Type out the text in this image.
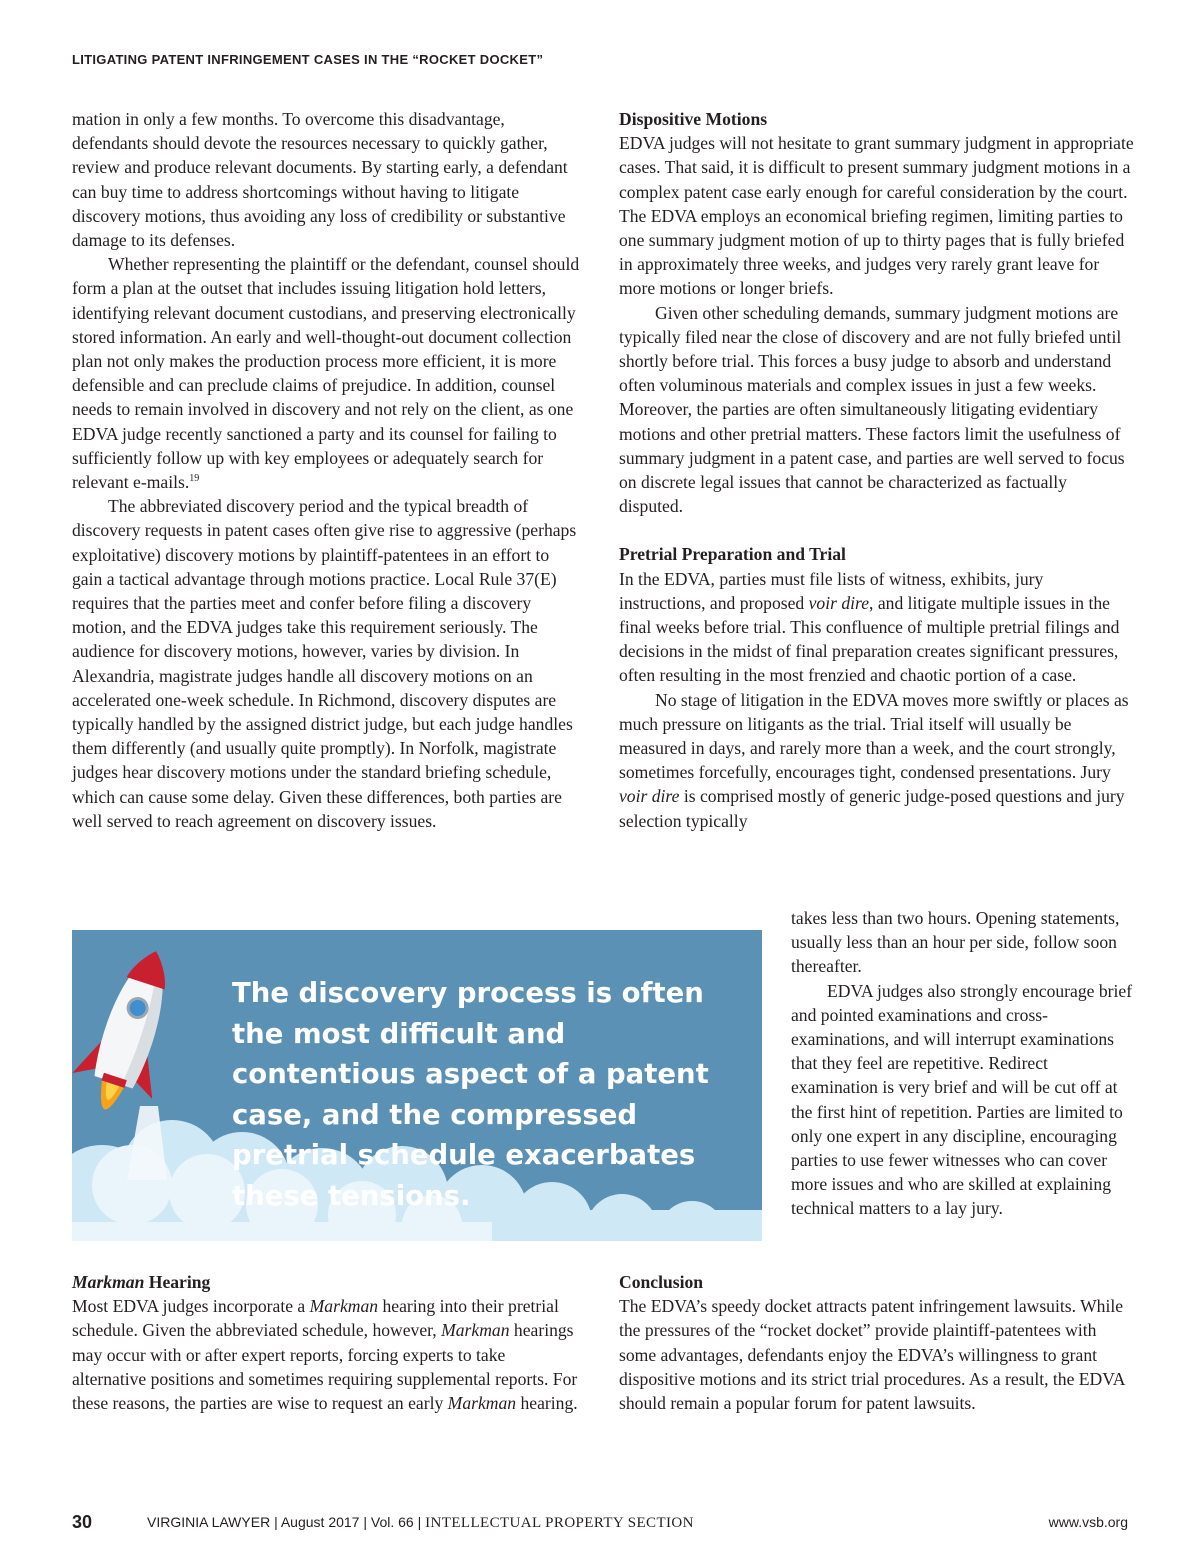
LITIGATING PATENT INFRINGEMENT CASES IN THE “ROCKET DOCKET”

mation in only a few months. To overcome this disadvantage, defendants should devote the resources necessary to quickly gather, review and produce relevant documents. By starting early, a defendant can buy time to address shortcomings without having to litigate discovery motions, thus avoiding any loss of credibility or substantive damage to its defenses.

Whether representing the plaintiff or the defendant, counsel should form a plan at the outset that includes issuing litigation hold letters, identifying relevant document custodians, and preserving electronically stored information. An early and well-thought-out document collection plan not only makes the production process more efficient, it is more defensible and can preclude claims of prejudice. In addition, counsel needs to remain involved in discovery and not rely on the client, as one EDVA judge recently sanctioned a party and its counsel for failing to sufficiently follow up with key employees or adequately search for relevant e-mails.$^{19}$

The abbreviated discovery period and the typical breadth of discovery requests in patent cases often give rise to aggressive (perhaps exploitative) discovery motions by plaintiff-patentees in an effort to gain a tactical advantage through motions practice. Local Rule 37(E) requires that the parties meet and confer before filing a discovery motion, and the EDVA judges take this requirement seriously. The audience for discovery motions, however, varies by division. In Alexandria, magistrate judges handle all discovery motions on an accelerated one-week schedule. In Richmond, discovery disputes are typically handled by the assigned district judge, but each judge handles them differently (and usually quite promptly). In Norfolk, magistrate judges hear discovery motions under the standard briefing schedule, which can cause some delay. Given these differences, both parties are well served to reach agreement on discovery issues.

Dispositive Motions

EDVA judges will not hesitate to grant summary judgment in appropriate cases. That said, it is difficult to present summary judgment motions in a complex patent case early enough for careful consideration by the court. The EDVA employs an economical briefing regimen, limiting parties to one summary judgment motion of up to thirty pages that is fully briefed in approximately three weeks, and judges very rarely grant leave for more motions or longer briefs.

Given other scheduling demands, summary judgment motions are typically filed near the close of discovery and are not fully briefed until shortly before trial. This forces a busy judge to absorb and understand often voluminous materials and complex issues in just a few weeks. Moreover, the parties are often simultaneously litigating evidentiary motions and other pretrial matters. These factors limit the usefulness of summary judgment in a patent case, and parties are well served to focus on discrete legal issues that cannot be characterized as factually disputed.

Pretrial Preparation and Trial

In the EDVA, parties must file lists of witness, exhibits, jury instructions, and proposed voir dire, and litigate multiple issues in the final weeks before trial. This confluence of multiple pretrial filings and decisions in the midst of final preparation creates significant pressures, often resulting in the most frenzied and chaotic portion of a case.

No stage of litigation in the EDVA moves more swiftly or places as much pressure on litigants as the trial. Trial itself will usually be measured in days, and rarely more than a week, and the court strongly, sometimes forcefully, encourages tight, condensed presentations. Jury voir dire is comprised mostly of generic judge-posed questions and jury selection typically

The discovery process is often the most difficult and contentious aspect of a patent case, and the compressed pretrial schedule exacerbates these tensions.

takes less than two hours. Opening statements, usually less than an hour per side, follow soon thereafter.

EDVA judges also strongly encourage brief and pointed examinations and cross-examinations, and will interrupt examinations that they feel are repetitive. Redirect examination is very brief and will be cut off at the first hint of repetition. Parties are limited to only one expert in any discipline, encouraging parties to use fewer witnesses who can cover more issues and who are skilled at explaining technical matters to a lay jury.

Markman Hearing

Most EDVA judges incorporate a Markman hearing into their pretrial schedule. Given the abbreviated schedule, however, Markman hearings may occur with or after expert reports, forcing experts to take alternative positions and sometimes requiring supplemental reports. For these reasons, the parties are wise to request an early Markman hearing.

Conclusion

The EDVA’s speedy docket attracts patent infringement lawsuits. While the pressures of the “rocket docket” provide plaintiff-patentees with some advantages, defendants enjoy the EDVA’s willingness to grant dispositive motions and its strict trial procedures. As a result, the EDVA should remain a popular forum for patent lawsuits.

30	VIRGINIA LAWYER | August 2017 | Vol. 66 | INTELLECTUAL PROPERTY SECTION	www.vsb.org
